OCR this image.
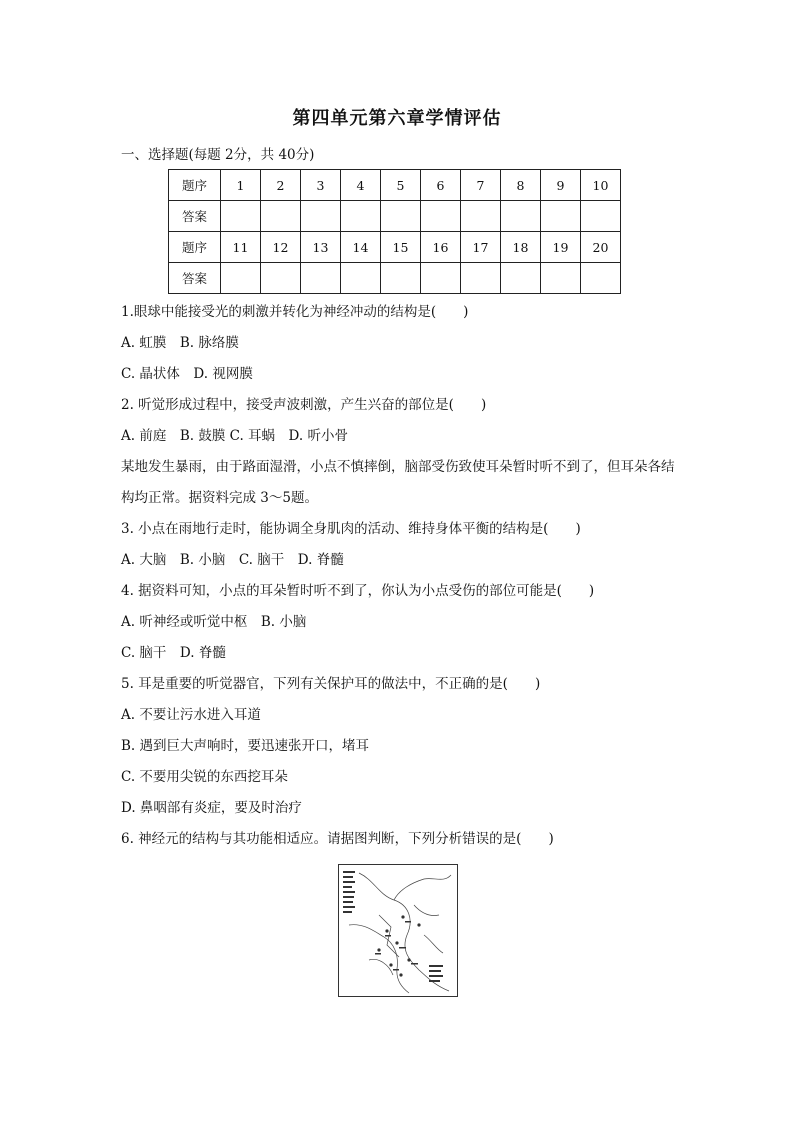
第四单元第六章学情评估
一、选择题(每题 2分，共 40分)
题序	1	2	3	4	5	6	7	8	9	10
答案										
题序	11	12	13	14	15	16	17	18	19	20
答案										

1.眼球中能接受光的刺激并转化为神经冲动的结构是(　　)

A. 虹膜　B. 脉络膜

C. 晶状体　D. 视网膜

2. 听觉形成过程中，接受声波刺激，产生兴奋的部位是(　　)

A. 前庭　B. 鼓膜 C. 耳蜗　D. 听小骨

某地发生暴雨，由于路面湿滑，小点不慎摔倒，脑部受伤致使耳朵暂时听不到了，但耳朵各结构均正常。据资料完成 3～5题。

3. 小点在雨地行走时，能协调全身肌肉的活动、维持身体平衡的结构是(　　)

A. 大脑　B. 小脑　C. 脑干　D. 脊髓

4. 据资料可知，小点的耳朵暂时听不到了，你认为小点受伤的部位可能是(　　)

A. 听神经或听觉中枢　B. 小脑

C. 脑干　D. 脊髓

5. 耳是重要的听觉器官，下列有关保护耳的做法中，不正确的是(　　)

A. 不要让污水进入耳道

B. 遇到巨大声响时，要迅速张开口，堵耳

C. 不要用尖锐的东西挖耳朵

D. 鼻咽部有炎症，要及时治疗

6. 神经元的结构与其功能相适应。请据图判断，下列分析错误的是(　　)
